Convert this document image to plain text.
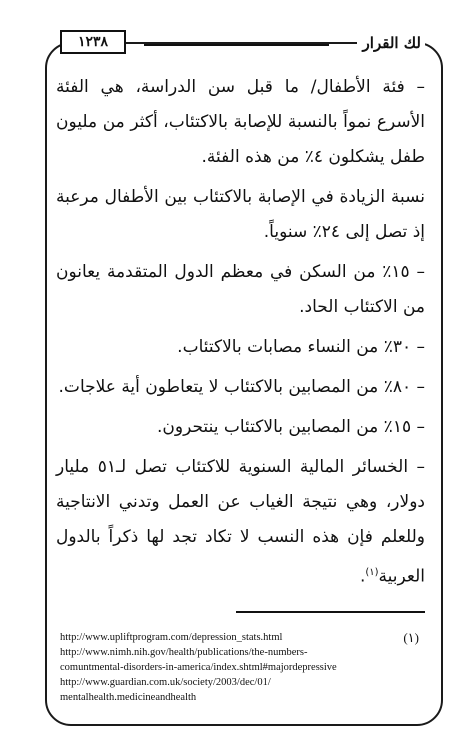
لك القرار
١٢٣٨

– فئة الأطفال/ ما قبل سن الدراسة، هي الفئة الأسرع نمواً بالنسبة للإصابة بالاكتئاب، أكثر من مليون طفل يشكلون ٤٪ من هذه الفئة.

نسبة الزيادة في الإصابة بالاكتئاب بين الأطفال مرعبة إذ تصل إلى ٢٤٪ سنوياً.

– ١٥٪ من السكن في معظم الدول المتقدمة يعانون من الاكتئاب الحاد.

– ٣٠٪ من النساء مصابات بالاكتئاب.

– ٨٠٪ من المصابين بالاكتئاب لا يتعاطون أية علاجات.

– ١٥٪ من المصابين بالاكتئاب ينتحرون.

– الخسائر المالية السنوية للاكتئاب تصل لـ٥١ مليار دولار، وهي نتيجة الغياب عن العمل وتدني الانتاجية وللعلم فإن هذه النسب لا تكاد تجد لها ذكراً بالدول العربية$^{(١)}$.

(١)
http://www.upliftprogram.com/depression_stats.html
http://www.nimh.nih.gov/health/publications/the-numbers-
comuntmental-disorders-in-america/index.shtml#majordepressive
http://www.guardian.com.uk/society/2003/dec/01/
mentalhealth.medicineandhealth
